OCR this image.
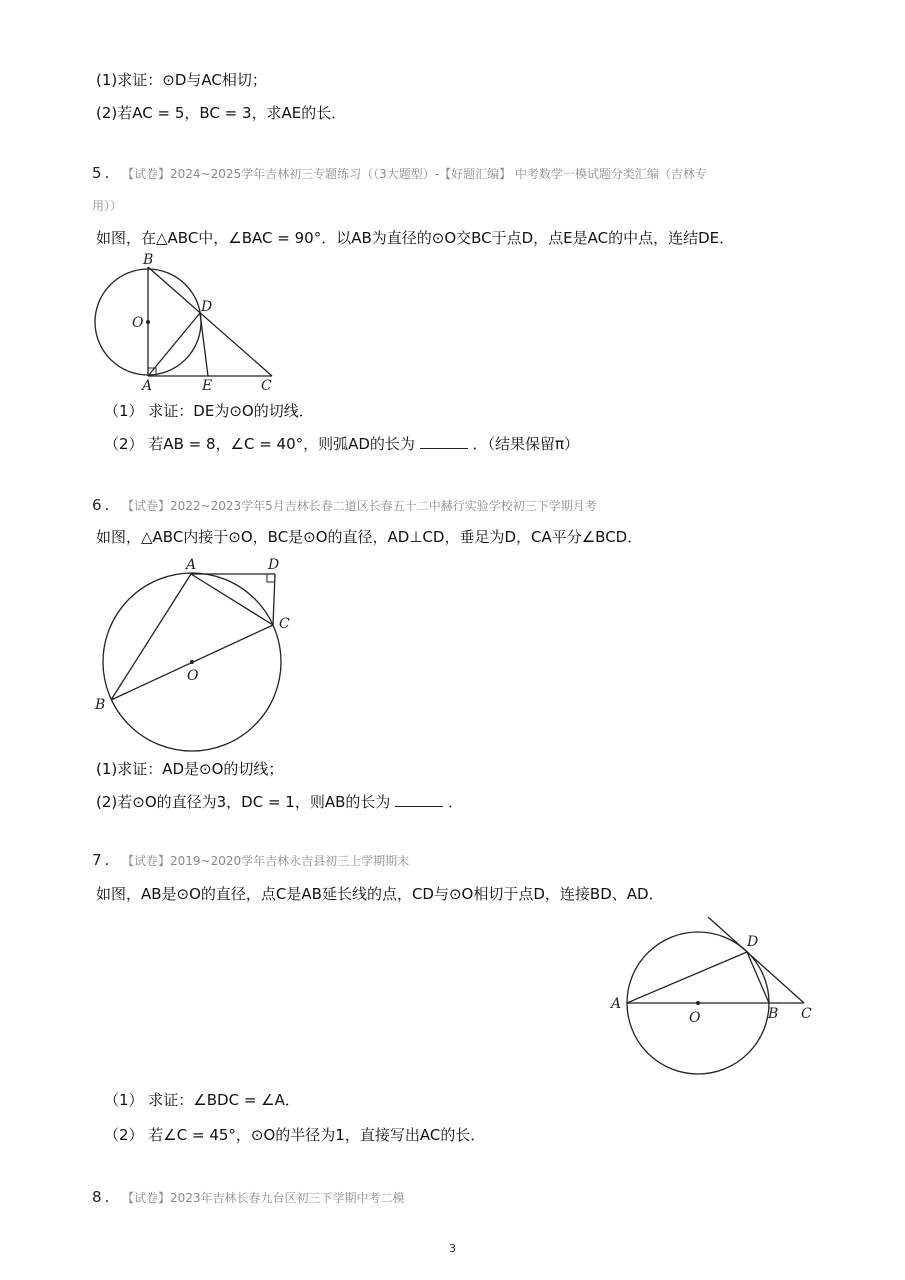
(1)求证：⊙D与AC相切；
(2)若AC = 5，BC = 3，求AE的长．
5. 【试卷】2024~2025学年吉林初三专题练习（（3大题型）-【好题汇编】 中考数学一模试题分类汇编（吉林专
用））
如图，在△ABC中，∠BAC = 90°．以AB为直径的⊙O交BC于点D，点E是AC的中点，连结DE．
B
O
D
A	E	C
（1） 求证：DE为⊙O的切线．
（2） 若AB = 8，∠C = 40°，则弧AD的长为	．（结果保留π）
6. 【试卷】2022~2023学年5月吉林长春二道区长春五十二中赫行实验学校初三下学期月考
如图，△ABC内接于⊙O，BC是⊙O的直径，AD⊥CD，垂足为D，CA平分∠BCD．
A	D
C
O
B
(1)求证：AD是⊙O的切线；
(2)若⊙O的直径为3，DC = 1，则AB的长为	．
7. 【试卷】2019~2020学年吉林永吉县初三上学期期末
如图，AB是⊙O的直径，点C是AB延长线的点，CD与⊙O相切于点D，连接BD、AD．
D
A
O	B C
（1） 求证：∠BDC = ∠A．
（2） 若∠C = 45°，⊙O的半径为1，直接写出AC的长．
8. 【试卷】2023年吉林长春九台区初三下学期中考二模
3
